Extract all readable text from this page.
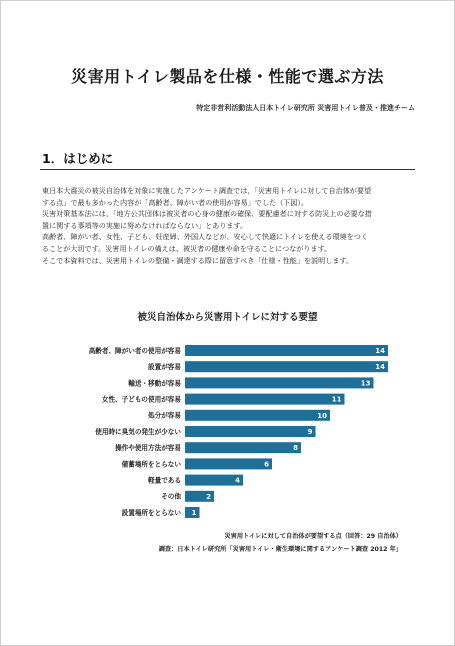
災害用トイレ製品を仕様・性能で選ぶ方法
特定非営利活動法人日本トイレ研究所 災害用トイレ普及・推進チーム
1．はじめに

東日本大震災の被災自治体を対象に実施したアンケート調査では，「災害用トイレに対して自治体が要望

する点」で最も多かった内容が「高齢者、障がい者の使用が容易」でした（下図）。

災害対策基本法には，「地方公共団体は被災者の心身の健康の確保、要配慮者に対する防災上の必要な措

置に関する事項等の実施に努めなければならない」とあります。

高齢者、障がい者、女性、子ども、妊産婦、外国人などが、安心して快適にトイレを使える環境をつく

ることが大切です。災害用トイレの備えは、被災者の健康や命を守ることにつながります。

そこで本資料では、災害用トイレの整備・調達する際に留意すべき「仕様・性能」を説明します。

被災自治体から災害用トイレに対する要望
高齢者、障がい者の使用が容易	14
設置が容易	14
輸送・移動が容易	13
女性、子どもの使用が容易	11
処分が容易	10
使用時に臭気の発生が少ない	9
操作や使用方法が容易	8
備蓄場所をとらない	6
軽量である	4
その他	2
設置場所をとらない 1
災害用トイレに対して自治体が要望する点（回答：29 自治体）
調査：日本トイレ研究所「災害用トイレ・衛生環境に関するアンケート調査 2012 年」
